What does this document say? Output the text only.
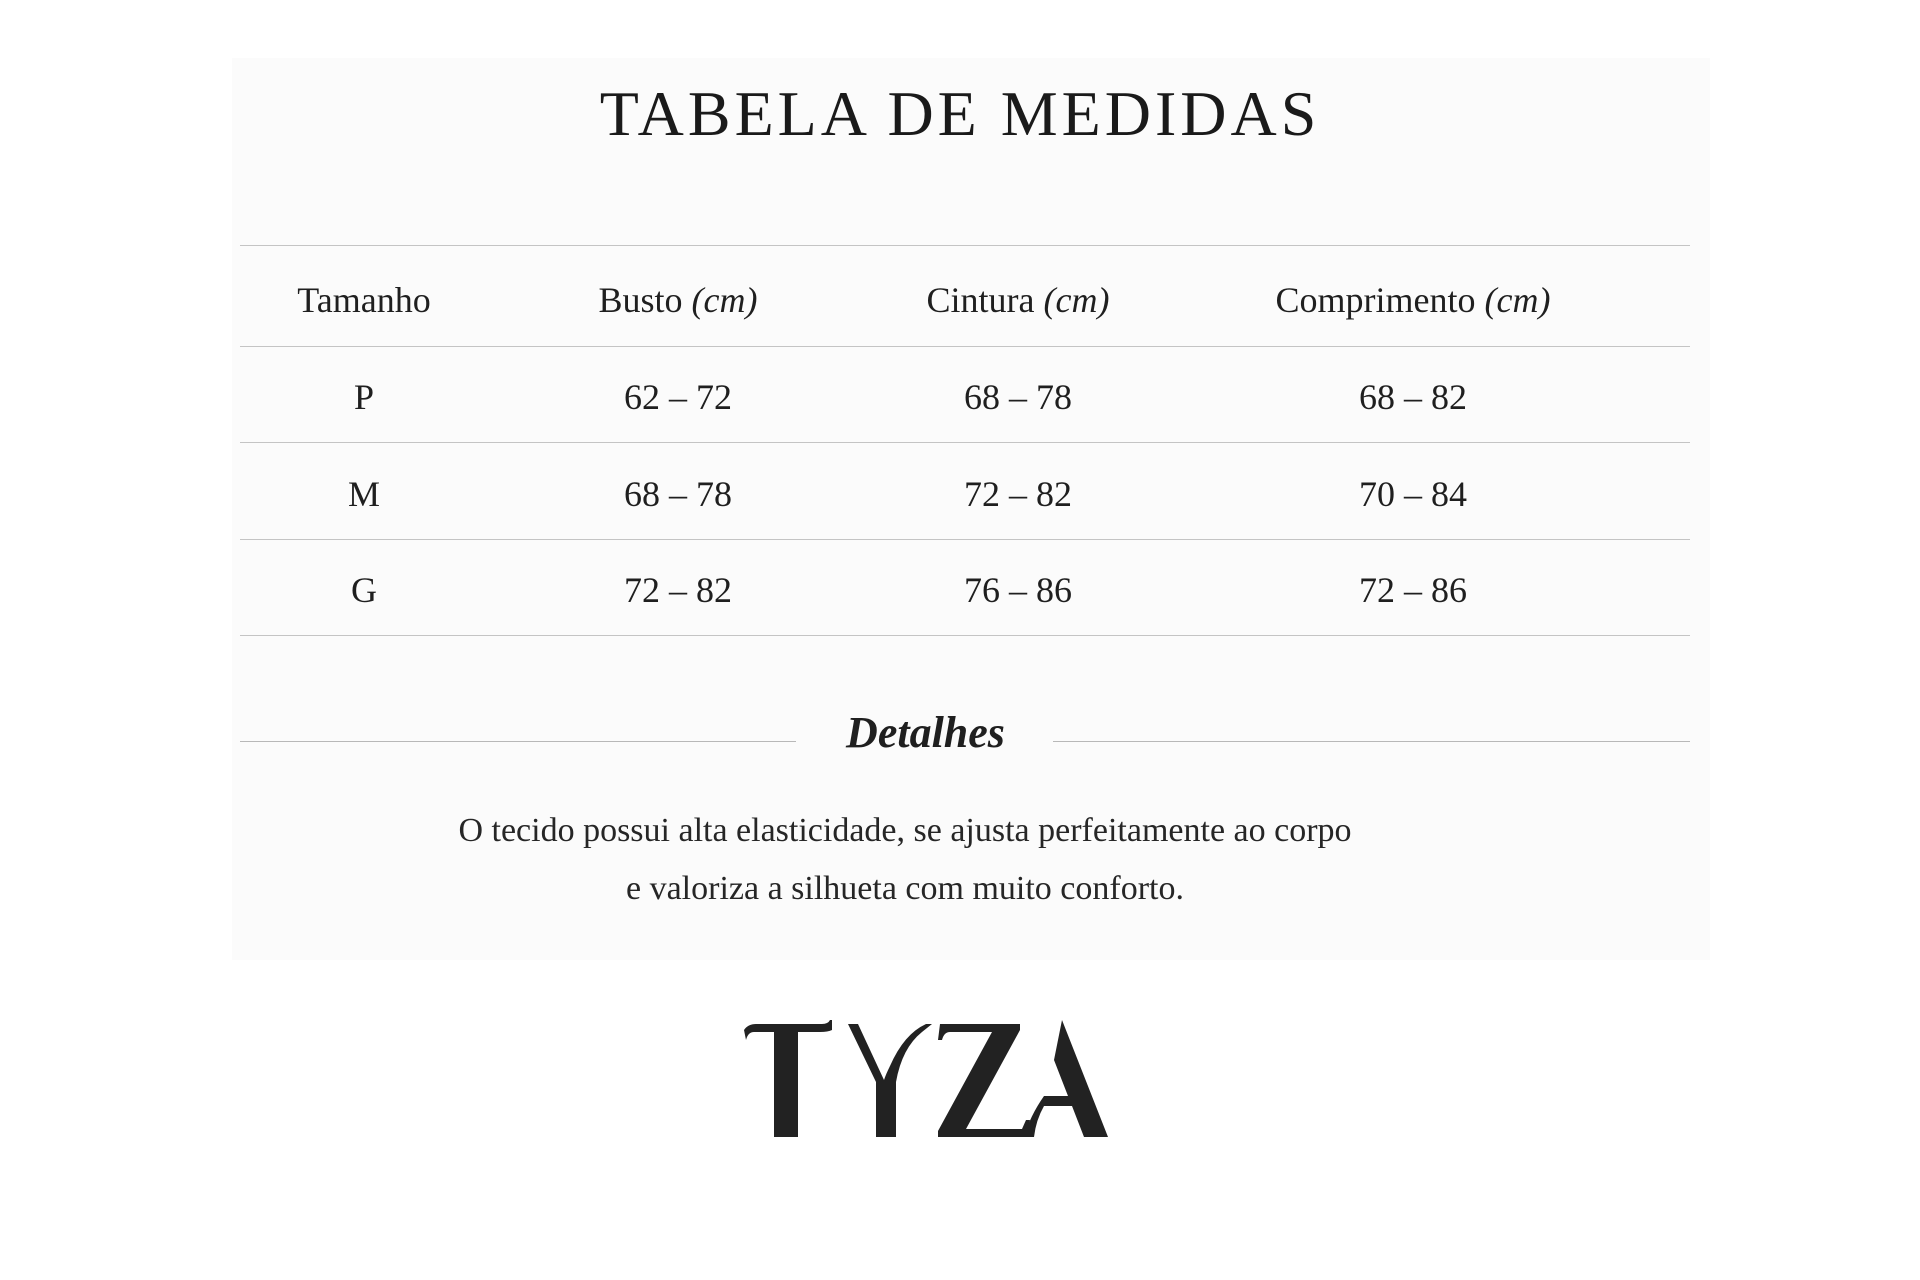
TABELA DE MEDIDAS
Tamanho	Busto (cm)	Cintura (cm)	Comprimento (cm)
P	62 – 72	68 – 78	68 – 82
M	68 – 78	72 – 82	70 – 84
G	72 – 82	76 – 86	72 – 86
Detalhes
O tecido possui alta elasticidade, se ajusta perfeitamente ao corpo
e valoriza a silhueta com muito conforto.
